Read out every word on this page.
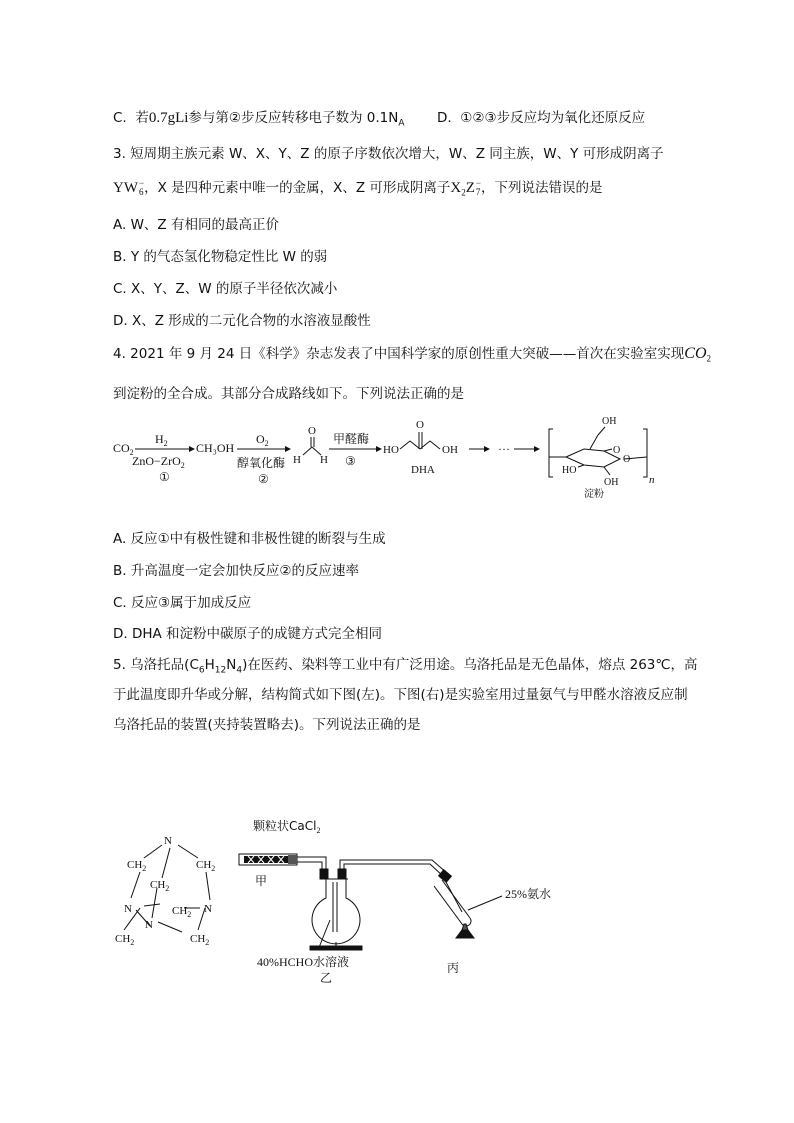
C. 若0.7gLi参与第②步反应转移电子数为 $0.1N_A$ D. ①②③步反应均为氧化还原反应
3. 短周期主族元素 W、X、Y、Z 的原子序数依次增大，W、Z 同主族，W、Y 可形成阴离子
YW −
6 ，X 是四种元素中唯一的金属，X、Z 可形成阴离子$X_2Z$ −
7 ，下列说法错误的是
A. W、Z 有相同的最高正价
B. Y 的气态氢化物稳定性比 W 的弱
C. X、Y、Z、W 的原子半径依次减小
D. X、Z 形成的二元化合物的水溶液显酸性
4. 2021 年 9 月 24 日《科学》杂志发表了中国科学家的原创性重大突破——首次在实验室实现$CO_2$
到淀粉的全合成。其部分合成路线如下。下列说法正确的是
$CO_2$
$H_2$
ZnO−ZrO$_2$
①
CH₃OH
$O_2$
醇氧化酶
②
O
H H
甲醛酶
③
HO
O
OH
DHA
···
OH
HO
OH
O
O
淀粉
n
A. 反应①中有极性键和非极性键的断裂与生成
B. 升高温度一定会加快反应②的反应速率
C. 反应③属于加成反应
D. DHA 和淀粉中碳原子的成键方式完全相同
5. 乌洛托品$(C_6H_{12}N_4)$在医药、染料等工业中有广泛用途。乌洛托品是无色晶体，熔点 263℃，高
于此温度即升华或分解，结构简式如下图(左)。下图(右)是实验室用过量氨气与甲醛水溶液反应制
乌洛托品的装置(夹持装置略去)。下列说法正确的是
N
$CH_2$	$CH_2$
$CH_2$
N	$CH_2$ N
N
$CH_2$	$CH_2$
颗粒状CaCl$_2$
甲
25%氨水
40%HCHO水溶液
乙
丙
